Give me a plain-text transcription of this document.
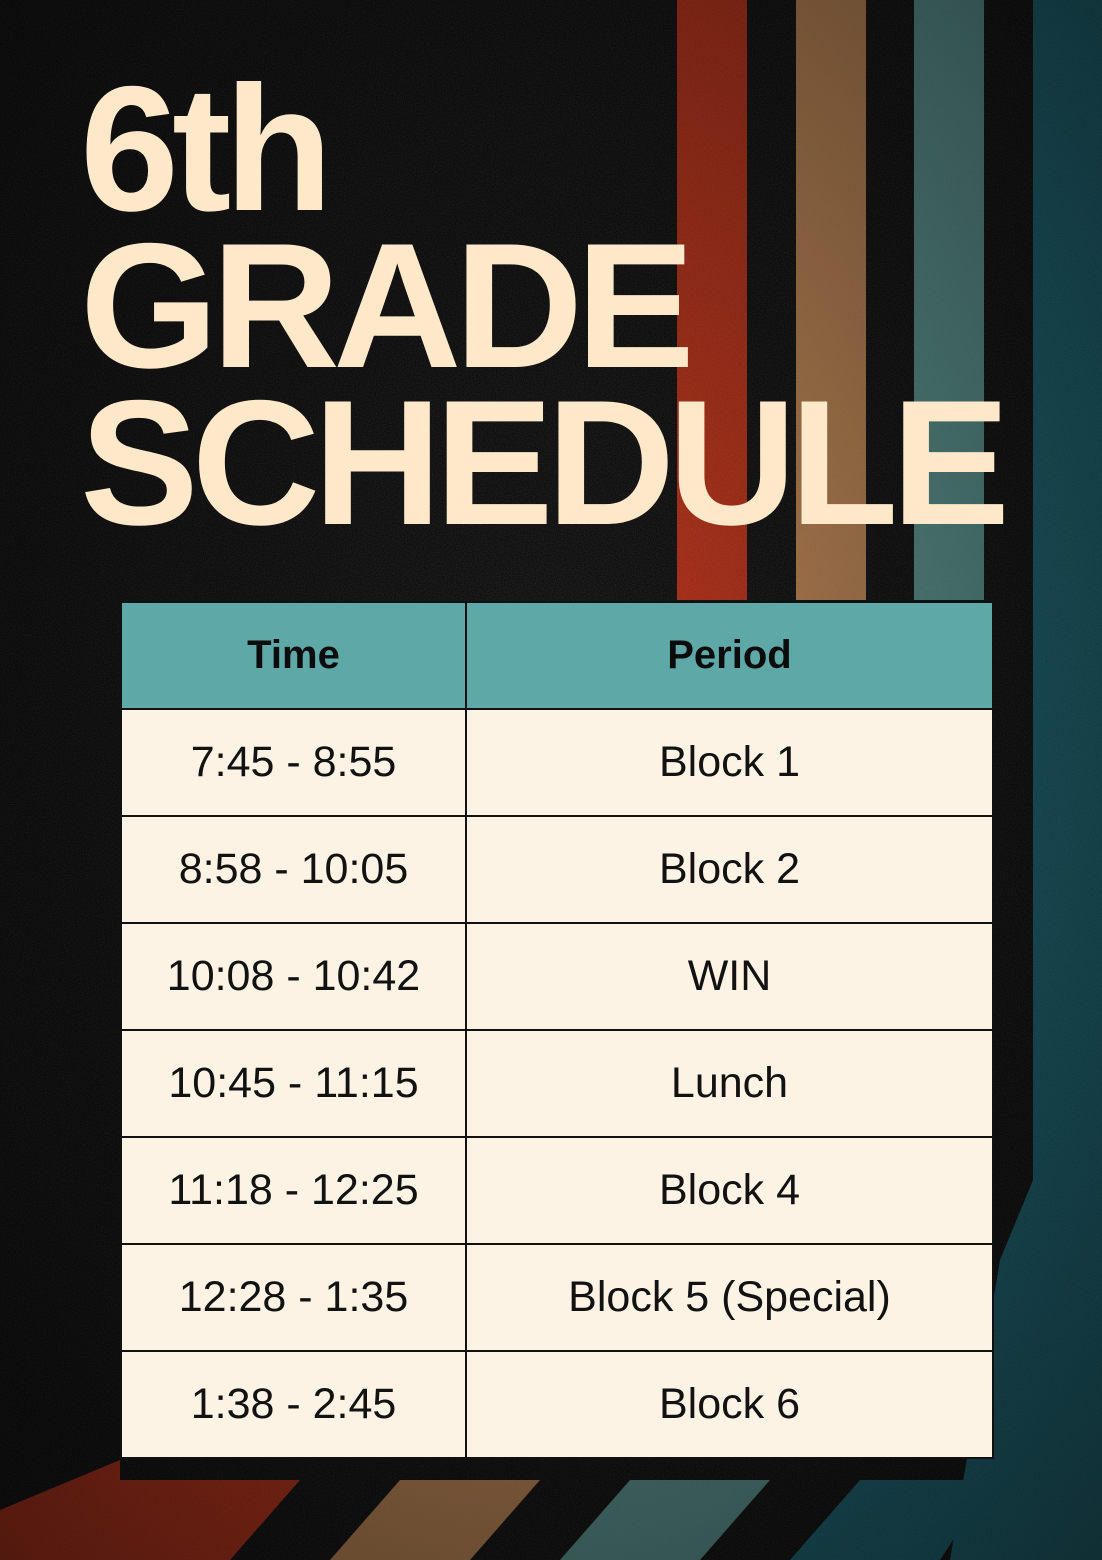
6th
GRADE
SCHEDULE
Time	Period
7:45 - 8:55	Block 1
8:58 - 10:05	Block 2
10:08 - 10:42	WIN
10:45 - 11:15	Lunch
11:18 - 12:25	Block 4
12:28 - 1:35	Block 5 (Special)
1:38 - 2:45	Block 6
